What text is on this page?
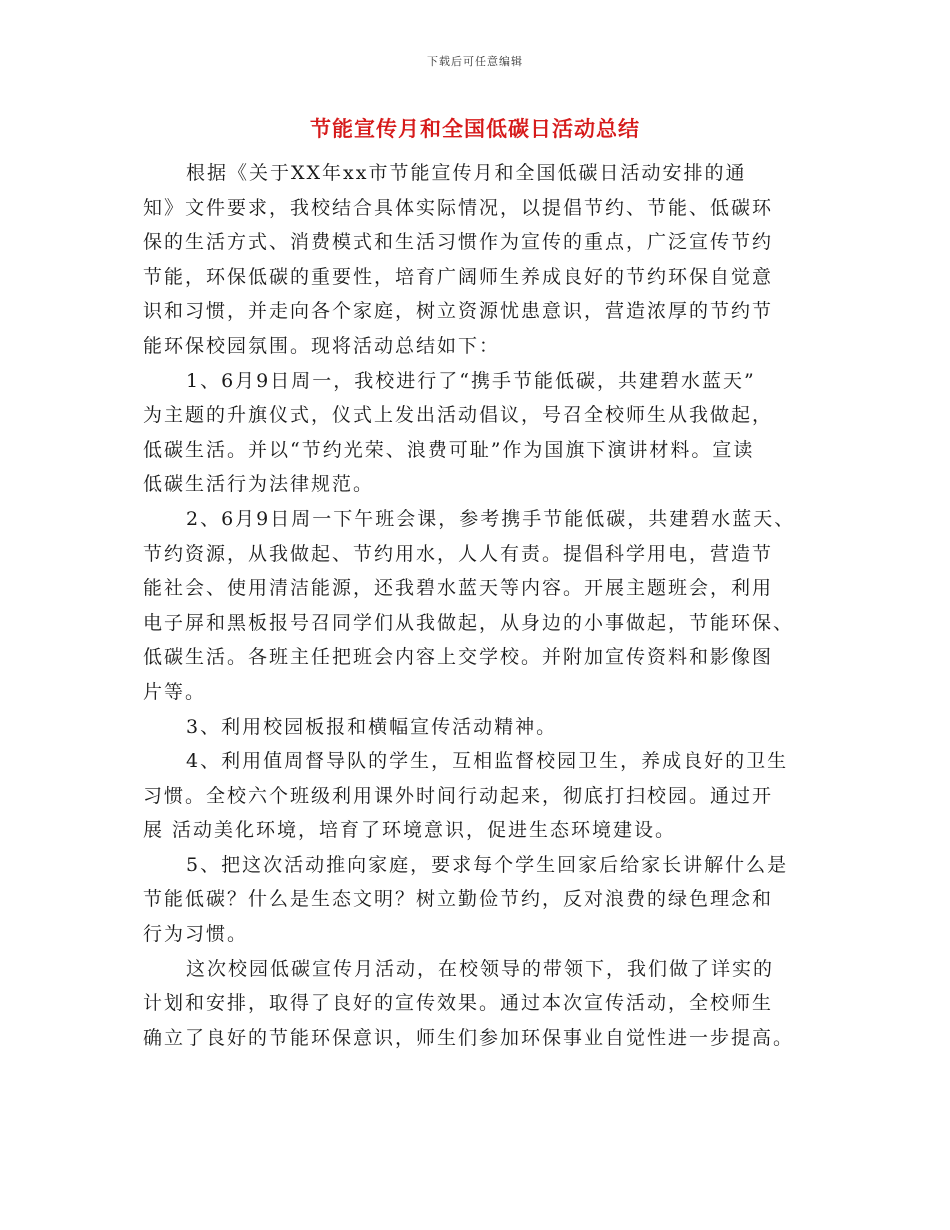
下载后可任意编辑
节能宣传月和全国低碳日活动总结
根据《关于XX年xx市节能宣传月和全国低碳日活动安排的通
知》文件要求，我校结合具体实际情况，以提倡节约、节能、低碳环
保的生活方式、消费模式和生活习惯作为宣传的重点，广泛宣传节约
节能，环保低碳的重要性，培育广阔师生养成良好的节约环保自觉意
识和习惯，并走向各个家庭，树立资源忧患意识，营造浓厚的节约节
能环保校园氛围。现将活动总结如下：
1、6月9日周一，我校进行了“携手节能低碳，共建碧水蓝天”
为主题的升旗仪式，仪式上发出活动倡议，号召全校师生从我做起，
低碳生活。并以“节约光荣、浪费可耻”作为国旗下演讲材料。宣读
低碳生活行为法律规范。
2、6月9日周一下午班会课，参考携手节能低碳，共建碧水蓝天、
节约资源，从我做起、节约用水，人人有责。提倡科学用电，营造节
能社会、使用清洁能源，还我碧水蓝天等内容。开展主题班会，利用
电子屏和黑板报号召同学们从我做起，从身边的小事做起，节能环保、
低碳生活。各班主任把班会内容上交学校。并附加宣传资料和影像图
片等。
3、利用校园板报和横幅宣传活动精神。
4、利用值周督导队的学生，互相监督校园卫生，养成良好的卫生
习惯。全校六个班级利用课外时间行动起来，彻底打扫校园。通过开
展 活动美化环境，培育了环境意识，促进生态环境建设。
5、把这次活动推向家庭，要求每个学生回家后给家长讲解什么是
节能低碳？什么是生态文明？树立勤俭节约，反对浪费的绿色理念和
行为习惯。
这次校园低碳宣传月活动，在校领导的带领下，我们做了详实的
计划和安排，取得了良好的宣传效果。通过本次宣传活动，全校师生
确立了良好的节能环保意识，师生们参加环保事业自觉性进一步提高。
